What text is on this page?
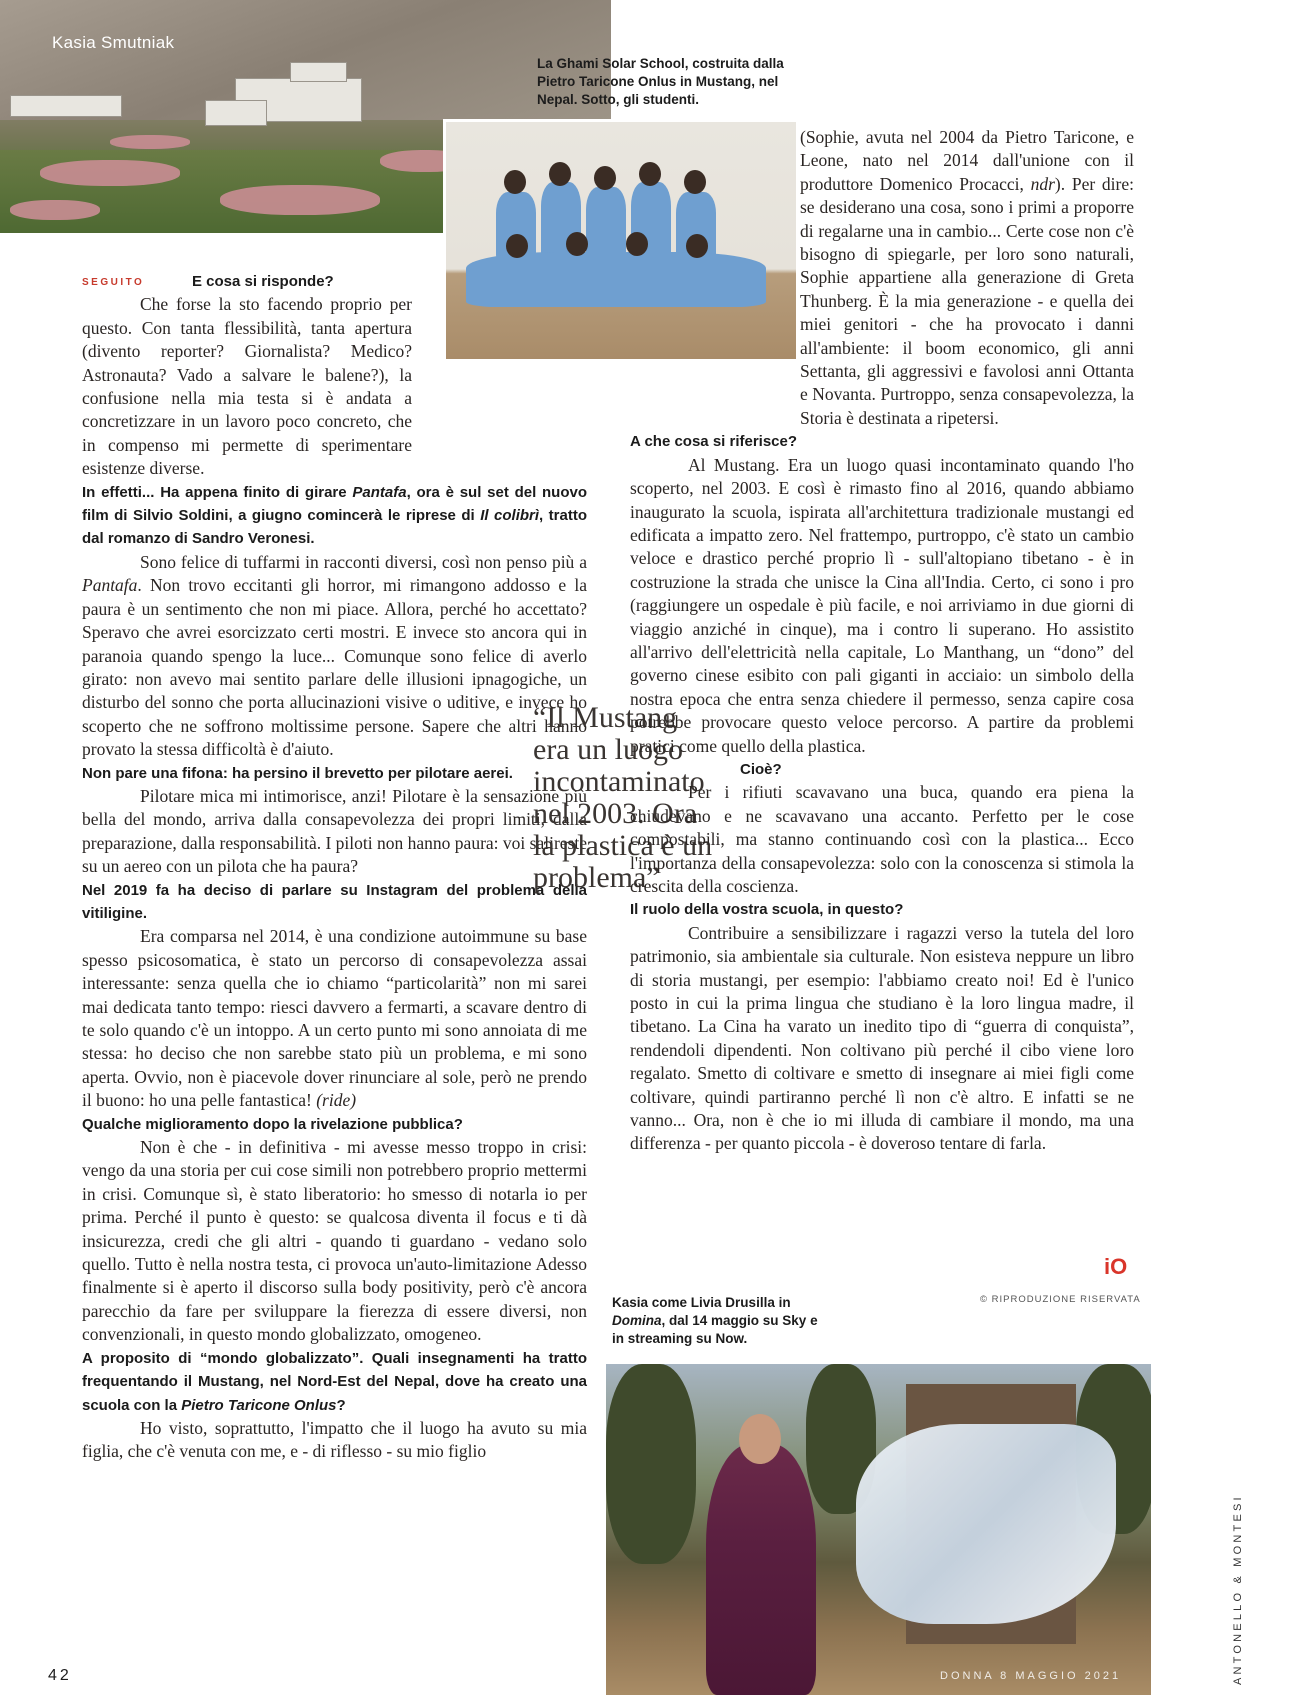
Kasia Smutniak
La Ghami Solar School, costruita dalla Pietro Taricone Onlus in Mustang, nel Nepal. Sotto, gli studenti.
SEGUITO	E cosa si risponde?

Che forse la sto facendo proprio per questo. Con tanta flessibilità, tanta apertura (divento reporter? Giornalista? Medico? Astronauta? Vado a salvare le balene?), la confusione nella mia testa si è andata a concretizzare in un lavoro poco concreto, che in compenso mi permette di sperimentare esistenze diverse.

In effetti... Ha appena finito di girare Pantafa, ora è sul set del nuovo film di Silvio Soldini, a giugno comincerà le riprese di Il colibrì, tratto dal romanzo di Sandro Veronesi.

Sono felice di tuffarmi in racconti diversi, così non penso più a Pantafa. Non trovo eccitanti gli horror, mi rimangono addosso e la paura è un sentimento che non mi piace. Allora, perché ho accettato? Speravo che avrei esorcizzato certi mostri. E invece sto ancora qui in paranoia quando spengo la luce... Comunque sono felice di averlo girato: non avevo mai sentito parlare delle illusioni ipnagogiche, un disturbo del sonno che porta allucinazioni visive o uditive, e invece ho scoperto che ne soffrono moltissime persone. Sapere che altri hanno provato la stessa difficoltà è d'aiuto.

Non pare una fifona: ha persino il brevetto per pilotare aerei.

Pilotare mica mi intimorisce, anzi! Pilotare è la sensazione più bella del mondo, arriva dalla consapevolezza dei propri limiti, dalla preparazione, dalla responsabilità. I piloti non hanno paura: voi salireste su un aereo con un pilota che ha paura?

Nel 2019 fa ha deciso di parlare su Instagram del problema della vitiligine.

Era comparsa nel 2014, è una condizione autoimmune su base spesso psicosomatica, è stato un percorso di consapevolezza assai interessante: senza quella che io chiamo “particolarità” non mi sarei mai dedicata tanto tempo: riesci davvero a fermarti, a scavare dentro di te solo quando c'è un intoppo. A un certo punto mi sono annoiata di me stessa: ho deciso che non sarebbe stato più un problema, e mi sono aperta. Ovvio, non è piacevole dover rinunciare al sole, però ne prendo il buono: ho una pelle fantastica! (ride)

Qualche miglioramento dopo la rivelazione pubblica?

Non è che - in definitiva - mi avesse messo troppo in crisi: vengo da una storia per cui cose simili non potrebbero proprio mettermi in crisi. Comunque sì, è stato liberatorio: ho smesso di notarla io per prima. Perché il punto è questo: se qualcosa diventa il focus e ti dà insicurezza, credi che gli altri - quando ti guardano - vedano solo quello. Tutto è nella nostra testa, ci provoca un'auto-limitazione Adesso finalmente si è aperto il discorso sulla body positivity, però c'è ancora parecchio da fare per sviluppare la fierezza di essere diversi, non convenzionali, in questo mondo globalizzato, omogeneo.

A proposito di “mondo globalizzato”. Quali insegnamenti ha tratto frequentando il Mustang, nel Nord-Est del Nepal, dove ha creato una scuola con la Pietro Taricone Onlus?

Ho visto, soprattutto, l'impatto che il luogo ha avuto su mia figlia, che c'è venuta con me, e - di riflesso - su mio figlio

“Il Mustang era un luogo incontaminato nel 2003. Ora la plastica è un problema”

(Sophie, avuta nel 2004 da Pietro Taricone, e Leone, nato nel 2014 dall'unione con il produttore Domenico Procacci, ndr). Per dire: se desiderano una cosa, sono i primi a proporre di regalarne una in cambio... Certe cose non c'è bisogno di spiegarle, per loro sono naturali, Sophie appartiene alla generazione di Greta Thunberg. È la mia generazione - e quella dei miei genitori - che ha provocato i danni all'ambiente: il boom economico, gli anni Settanta, gli aggressivi e favolosi anni Ottanta e Novanta. Purtroppo, senza consapevolezza, la Storia è destinata a ripetersi.

A che cosa si riferisce?

Al Mustang. Era un luogo quasi incontaminato quando l'ho scoperto, nel 2003. E così è rimasto fino al 2016, quando abbiamo inaugurato la scuola, ispirata all'architettura tradizionale mustangi ed edificata a impatto zero. Nel frattempo, purtroppo, c'è stato un cambio veloce e drastico perché proprio lì - sull'altopiano tibetano - è in costruzione la strada che unisce la Cina all'India. Certo, ci sono i pro (raggiungere un ospedale è più facile, e noi arriviamo in due giorni di viaggio anziché in cinque), ma i contro li superano. Ho assistito all'arrivo dell'elettricità nella capitale, Lo Manthang, un “dono” del governo cinese esibito con pali giganti in acciaio: un simbolo della nostra epoca che entra senza chiedere il permesso, senza capire cosa potrebbe provocare questo veloce percorso. A partire da problemi pratici come quello della plastica.

Cioè?

Per i rifiuti scavavano una buca, quando era piena la chiudevano e ne scavavano una accanto. Perfetto per le cose compostabili, ma stanno continuando così con la plastica... Ecco l'importanza della consapevolezza: solo con la conoscenza si stimola la crescita della coscienza.

Il ruolo della vostra scuola, in questo?

Contribuire a sensibilizzare i ragazzi verso la tutela del loro patrimonio, sia ambientale sia culturale. Non esisteva neppure un libro di storia mustangi, per esempio: l'abbiamo creato noi! Ed è l'unico posto in cui la prima lingua che studiano è la loro lingua madre, il tibetano. La Cina ha varato un inedito tipo di “guerra di conquista”, rendendoli dipendenti. Non coltivano più perché il cibo viene loro regalato. Smetto di coltivare e smetto di insegnare ai miei figli come coltivare, quindi partiranno perché lì non c'è altro. E infatti se ne vanno... Ora, non è che io mi illuda di cambiare il mondo, ma una differenza - per quanto piccola - è doveroso tentare di farla.

iO
© RIPRODUZIONE RISERVATA
Kasia come Livia Drusilla in Domina, dal 14 maggio su Sky e in streaming su Now.
DONNA 8 MAGGIO 2021
42	ANTONELLO & MONTESI
